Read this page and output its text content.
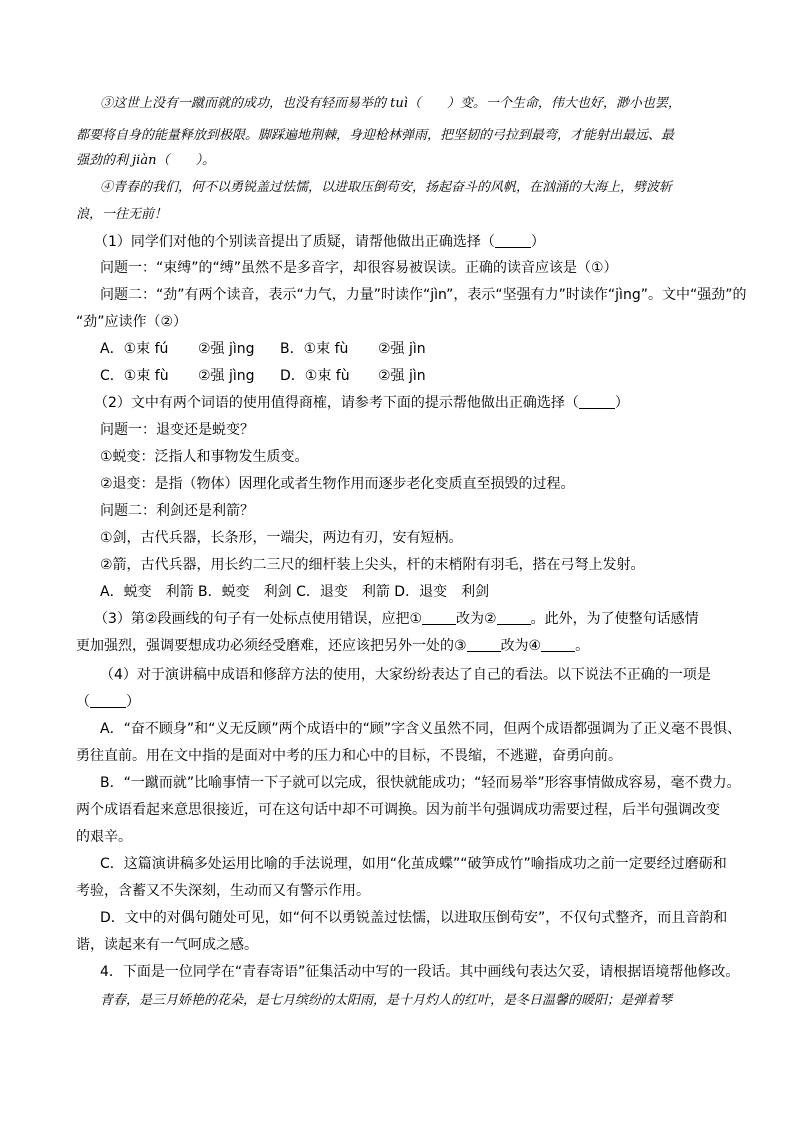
③这世上没有一蹴而就的成功，也没有轻而易举的 tuì（　　）变。一个生命，伟大也好，渺小也罢，
都要将自身的能量释放到极限。脚踩遍地荆棘，身迎枪林弹雨，把坚韧的弓拉到最弯，才能射出最远、最
强劲的利 jiàn（　　）。
④青春的我们，何不以勇锐盖过怯懦，以进取压倒苟安，扬起奋斗的风帆，在汹涌的大海上，劈波斩
浪，一往无前！
（1）同学们对他的个别读音提出了质疑，请帮他做出正确选择（	）
问题一：“束缚”的“缚”虽然不是多音字，却很容易被误读。正确的读音应该是（①）
问题二：“劲”有两个读音，表示“力气，力量”时读作“jìn”，表示“坚强有力”时读作“jìng”。文中“强劲”的
“劲”应读作（②）
A．①束 fú ②强 jìng B．①束 fù ②强 jìn
C．①束 fù ②强 jìng D．①束 fù ②强 jìn
（2）文中有两个词语的使用值得商榷，请参考下面的提示帮他做出正确选择（	）
问题一：退变还是蜕变？
①蜕变：泛指人和事物发生质变。
②退变：是指（物体）因理化或者生物作用而逐步老化变质直至损毁的过程。
问题二：利剑还是利箭？
①剑，古代兵器，长条形，一端尖，两边有刃，安有短柄。
②箭，古代兵器，用长约二三尺的细杆装上尖头，杆的末梢附有羽毛，搭在弓弩上发射。
A．蜕变　利箭 B．蜕变　利剑 C．退变　利箭 D．退变　利剑
（3）第②段画线的句子有一处标点使用错误，应把① 改为② 。此外，为了使整句话感情
更加强烈，强调要想成功必须经受磨难，还应该把另外一处的③ 改为④ 。
（4）对于演讲稿中成语和修辞方法的使用，大家纷纷表达了自己的看法。以下说法不正确的一项是
（	）
A．“奋不顾身”和“义无反顾”两个成语中的“顾”字含义虽然不同，但两个成语都强调为了正义毫不畏惧、
勇往直前。用在文中指的是面对中考的压力和心中的目标，不畏缩，不逃避，奋勇向前。
B．“一蹴而就”比喻事情一下子就可以完成，很快就能成功；“轻而易举”形容事情做成容易，毫不费力。
两个成语看起来意思很接近，可在这句话中却不可调换。因为前半句强调成功需要过程，后半句强调改变
的艰辛。
C．这篇演讲稿多处运用比喻的手法说理，如用“化茧成蝶”“破笋成竹”喻指成功之前一定要经过磨砺和
考验，含蓄又不失深刻，生动而又有警示作用。
D．文中的对偶句随处可见，如“何不以勇锐盖过怯懦，以进取压倒苟安”，不仅句式整齐，而且音韵和
谐，读起来有一气呵成之感。
4．下面是一位同学在“青春寄语”征集活动中写的一段话。其中画线句表达欠妥，请根据语境帮他修改。
青春，是三月娇艳的花朵，是七月缤纷的太阳雨，是十月灼人的红叶，是冬日温馨的暖阳；是弹着琴
